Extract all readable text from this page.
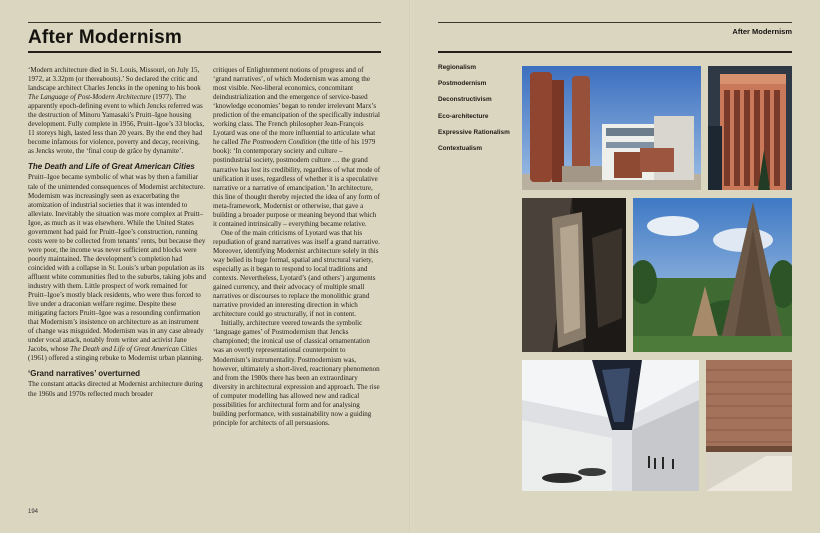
After Modernism

‘Modern architecture died in St. Louis, Missouri, on July 15, 1972, at 3.32pm (or thereabouts).’ So declared the critic and landscape architect Charles Jencks in the opening to his book The Language of Post-Modern Architecture (1977). The apparently epoch-defining event to which Jencks referred was the destruction of Minoru Yamasaki’s Pruitt–Igoe housing development. Fully complete in 1956, Pruitt–Igoe’s 33 blocks, 11 storeys high, lasted less than 20 years. By the end they had become infamous for violence, poverty and decay, receiving, as Jencks wrote, the ‘final coup de grâce by dynamite’.

The Death and Life of Great American Cities

Pruitt–Igoe became symbolic of what was by then a familiar tale of the unintended consequences of Modernist architecture. Modernism was increasingly seen as exacerbating the atomization of industrial societies that it was intended to alleviate. Inevitably the situation was more complex at Pruitt–Igoe, as much as it was elsewhere. While the United States government had paid for Pruitt–Igoe’s construction, running costs were to be collected from tenants’ rents, but because they were poor, the income was never sufficient and blocks were poorly maintained. The development’s completion had coincided with a collapse in St. Louis’s urban population as its affluent white communities fled to the suburbs, taking jobs and industry with them. Little prospect of work remained for Pruitt–Igoe’s mostly black residents, who were thus forced to live under a draconian welfare regime. Despite these mitigating factors Pruitt–Igoe was a resounding confirmation that Modernism’s insistence on architecture as an instrument of change was misguided. Modernism was in any case already under vocal attack, notably from writer and activist Jane Jacobs, whose The Death and Life of Great American Cities (1961) offered a stinging rebuke to Modernist urban planning.

‘Grand narratives’ overturned

The constant attacks directed at Modernist architecture during the 1960s and 1970s reflected much broader

critiques of Enlightenment notions of progress and of ‘grand narratives’, of which Modernism was among the most visible. Neo-liberal economics, concomitant deindustrialization and the emergence of service-based ‘knowledge economies’ began to render irrelevant Marx’s prediction of the emancipation of the specifically industrial working class. The French philosopher Jean-François Lyotard was one of the more influential to articulate what he called The Postmodern Condition (the title of his 1979 book): ‘In contemporary society and culture – postindustrial society, postmodern culture … the grand narrative has lost its credibility, regardless of what mode of unification it uses, regardless of whether it is a speculative narrative or a narrative of emancipation.’ In architecture, this line of thought thereby rejected the idea of any form of meta-framework, Modernist or otherwise, that gave a building a broader purpose or meaning beyond that which it contained intrinsically – everything became relative.

One of the main criticisms of Lyotard was that his repudiation of grand narratives was itself a grand narrative. Moreover, identifying Modernist architecture solely in this way belied its huge formal, spatial and structural variety, especially as it began to respond to local traditions and contexts. Nevertheless, Lyotard’s (and others’) arguments gained currency, and their advocacy of multiple small narratives or discourses to replace the monolithic grand narrative provided an interesting direction in which architecture could go structurally, if not in content.

Initially, architecture veered towards the symbolic ‘language games’ of Postmodernism that Jencks championed; the ironical use of classical ornamentation was an overtly representational counterpoint to Modernism’s instrumentality. Postmodernism was, however, ultimately a short-lived, reactionary phenomenon and from the 1980s there has been an extraordinary diversity in architectural expression and approach. The rise of computer modelling has allowed new and radical possibilities for architectural form and for analysing building performance, with sustainability now a guiding principle for architects of all persuasions.

194
After Modernism
Regionalism
Postmodernism
Deconstructivism
Eco-architecture
Expressive Rationalism
Contextualism
